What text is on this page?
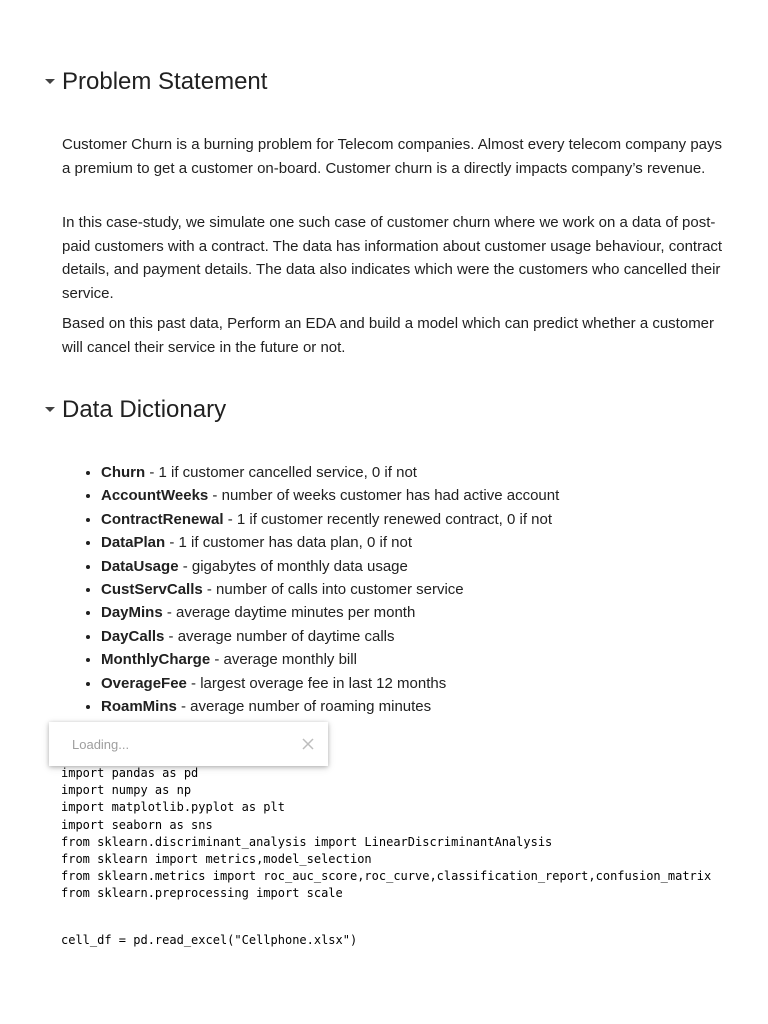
Problem Statement

Customer Churn is a burning problem for Telecom companies. Almost every telecom company pays a premium to get a customer on-board. Customer churn is a directly impacts company’s revenue.

In this case-study, we simulate one such case of customer churn where we work on a data of post-paid customers with a contract. The data has information about customer usage behaviour, contract details, and payment details. The data also indicates which were the customers who cancelled their service.

Based on this past data, Perform an EDA and build a model which can predict whether a customer will cancel their service in the future or not.

Data Dictionary
• Churn - 1 if customer cancelled service, 0 if not
• AccountWeeks - number of weeks customer has had active account
• ContractRenewal - 1 if customer recently renewed contract, 0 if not
• DataPlan - 1 if customer has data plan, 0 if not
• DataUsage - gigabytes of monthly data usage
• CustServCalls - number of calls into customer service
• DayMins - average daytime minutes per month
• DayCalls - average number of daytime calls
• MonthlyCharge - average monthly bill
• OverageFee - largest overage fee in last 12 months
• RoamMins - average number of roaming minutes
Loading...
import pandas as pd
import numpy as np
import matplotlib.pyplot as plt
import seaborn as sns
from sklearn.discriminant_analysis import LinearDiscriminantAnalysis
from sklearn import metrics,model_selection
from sklearn.metrics import roc_auc_score,roc_curve,classification_report,confusion_matrix
from sklearn.preprocessing import scale
cell_df = pd.read_excel("Cellphone.xlsx")
